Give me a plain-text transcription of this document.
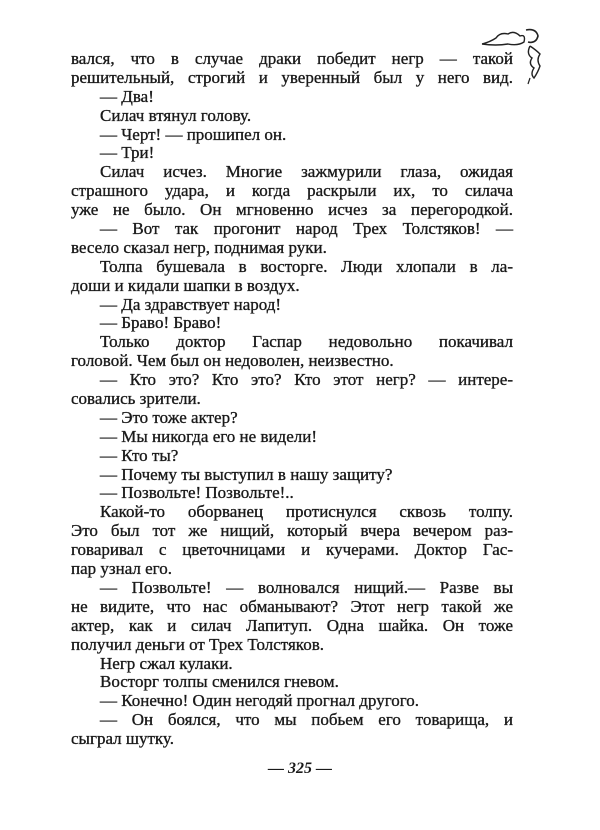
вался, что в случае драки победит негр — такой
решительный, строгий и уверенный был у него вид.
— Два!
Силач втянул голову.
— Черт! — прошипел он.
— Три!
Силач исчез. Многие зажмурили глаза, ожидая
страшного удара, и когда раскрыли их, то силача
уже не было. Он мгновенно исчез за перегородкой.
— Вот так прогонит народ Трех Толстяков! —
весело сказал негр, поднимая руки.
Толпа бушевала в восторге. Люди хлопали в ла-
доши и кидали шапки в воздух.
— Да здравствует народ!
— Браво! Браво!
Только доктор Гаспар недовольно покачивал
головой. Чем был он недоволен, неизвестно.
— Кто это? Кто это? Кто этот негр? — интере-
совались зрители.
— Это тоже актер?
— Мы никогда его не видели!
— Кто ты?
— Почему ты выступил в нашу защиту?
— Позвольте! Позвольте!..
Какой-то оборванец протиснулся сквозь толпу.
Это был тот же нищий, который вчера вечером раз-
говаривал с цветочницами и кучерами. Доктор Гас-
пар узнал его.
— Позвольте! — волновался нищий.— Разве вы
не видите, что нас обманывают? Этот негр такой же
актер, как и силач Лапитуп. Одна шайка. Он тоже
получил деньги от Трех Толстяков.
Негр сжал кулаки.
Восторг толпы сменился гневом.
— Конечно! Один негодяй прогнал другого.
— Он боялся, что мы побьем его товарища, и
сыграл шутку.
— 325 —
